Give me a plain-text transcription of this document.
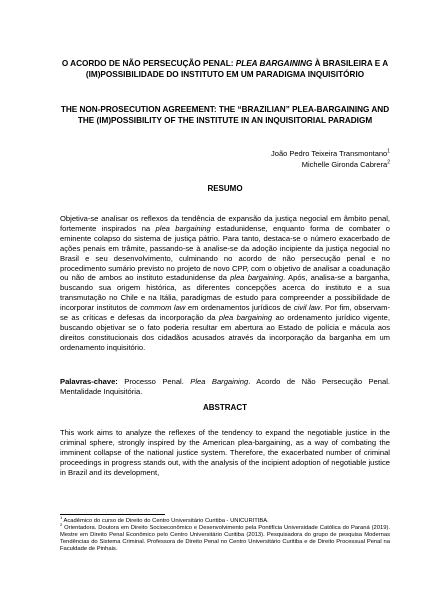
O ACORDO DE NÃO PERSECUÇÃO PENAL: PLEA BARGAINING À BRASILEIRA E A (IM)POSSIBILIDADE DO INSTITUTO EM UM PARADIGMA INQUISITÓRIO
THE NON-PROSECUTION AGREEMENT: THE “BRAZILIAN” PLEA-BARGAINING AND THE (IM)POSSIBILITY OF THE INSTITUTE IN AN INQUISITORIAL PARADIGM
João Pedro Teixeira Transmontano$^1$
Michelle Gironda Cabrera$^2$
RESUMO
Objetiva-se analisar os reflexos da tendência de expansão da justiça negocial em âmbito penal, fortemente inspirados na plea bargaining estadunidense, enquanto forma de combater o eminente colapso do sistema de justiça pátrio. Para tanto, destaca-se o número exacerbado de ações penais em trâmite, passando-se à analise-se da adoção incipiente da justiça negocial no Brasil e seu desenvolvimento, culminando no acordo de não persecução penal e no procedimento sumário previsto no projeto de novo CPP, com o objetivo de analisar a coadunação ou não de ambos ao instituto estadunidense da plea bargaining. Após, analisa-se a barganha, buscando sua origem histórica, as diferentes concepções acerca do instituto e a sua transmutação no Chile e na Itália, paradigmas de estudo para compreender a possibilidade de incorporar institutos de commom law em ordenamentos jurídicos de civil law. Por fim, observam-se as críticas e defesas da incorporação da plea bargaining ao ordenamento jurídico vigente, buscando objetivar se o fato poderia resultar em abertura ao Estado de polícia e mácula aos direitos constitucionais dos cidadãos acusados através da incorporação da barganha em um ordenamento inquisitório.
Palavras-chave: Processo Penal. Plea Bargaining. Acordo de Não Persecução Penal. Mentalidade Inquisitória.
ABSTRACT
This work aims to analyze the reflexes of the tendency to expand the negotiable justice in the criminal sphere, strongly inspired by the American plea-bargaining, as a way of combating the imminent collapse of the national justice system. Therefore, the exacerbated number of criminal proceedings in progress stands out, with the analysis of the incipient adoption of negotiable justice in Brazil and its development,

$^1$ Acadêmico do curso de Direito do Centro Universitário Curitiba - UNICURITIBA.

$^2$ Orientadora. Doutora em Direito Socioeconômico e Desenvolvimento pela Pontifícia Universidade Católica do Paraná (2019). Mestre em Direito Penal Econômico pelo Centro Universitário Curitiba (2013). Pesquisadora do grupo de pesquisa Modernas Tendências do Sistema Criminal. Professora de Direito Penal no Centro Universitário Curitiba e de Direito Processual Penal na Faculdade de Pinhais.
